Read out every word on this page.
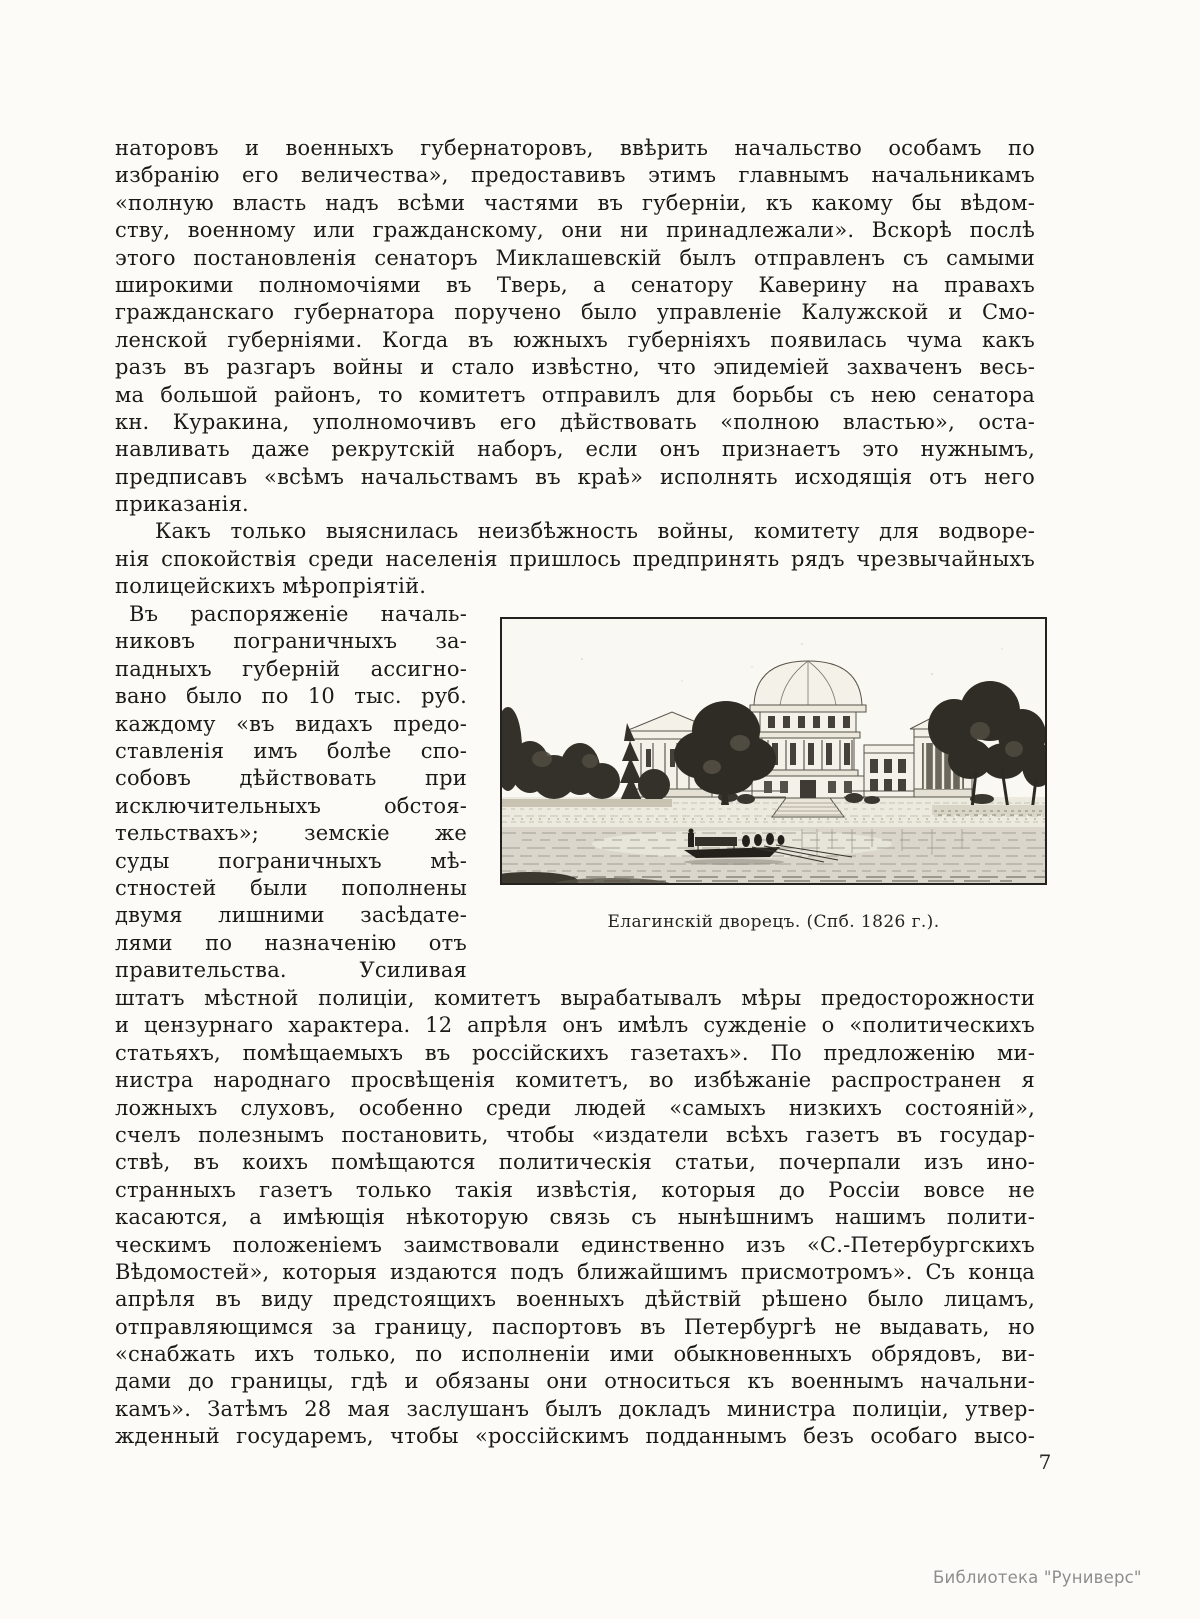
наторовъ и военныхъ губернаторовъ, ввѣрить начальство особамъ по
избранію его величества», предоставивъ этимъ главнымъ начальникамъ
«полную власть надъ всѣми частями въ губерніи, къ какому бы вѣдом-
ству, военному или гражданскому, они ни принадлежали». Вскорѣ послѣ
этого постановленія сенаторъ Миклашевскій былъ отправленъ съ самыми
широкими полномочіями въ Тверь, а сенатору Каверину на правахъ
гражданскаго губернатора поручено было управленіе Калужской и Смо-
ленской губерніями. Когда въ южныхъ губерніяхъ появилась чума какъ
разъ въ разгаръ войны и стало извѣстно, что эпидеміей захваченъ весь-
ма большой районъ, то комитетъ отправилъ для борьбы съ нею сенатора
кн. Куракина, уполномочивъ его дѣйствовать «полною властью», оста-
навливать даже рекрутскій наборъ, если онъ признаетъ это нужнымъ,
предписавъ «всѣмъ начальствамъ въ краѣ» исполнять исходящія отъ него
приказанія.
Какъ только выяснилась неизбѣжность войны, комитету для водворе-
нія спокойствія среди населенія пришлось предпринять рядъ чрезвычайныхъ
полицейскихъ мѣропріятій.
Въ распоряженіе началь-
никовъ пограничныхъ за-
падныхъ губерній ассигно-
вано было по 10 тыс. руб.
каждому «въ видахъ предо-
ставленія имъ болѣе спо-
собовъ дѣйствовать при
исключительныхъ обстоя-
тельствахъ»; земскіе же
суды пограничныхъ мѣ-
стностей были пополнены
двумя лишними засѣдате-
лями по назначенію отъ
правительства. Усиливая
Елагинскій дворецъ. (Спб. 1826 г.).
штатъ мѣстной полиціи, комитетъ вырабатывалъ мѣры предосторожности
и цензурнаго характера. 12 апрѣля онъ имѣлъ сужденіе о «политическихъ
статьяхъ, помѣщаемыхъ въ россійскихъ газетахъ». По предложенію ми-
нистра народнаго просвѣщенія комитетъ, во избѣжаніе распространен я
ложныхъ слуховъ, особенно среди людей «самыхъ низкихъ состояній»,
счелъ полезнымъ постановить, чтобы «издатели всѣхъ газетъ въ государ-
ствѣ, въ коихъ помѣщаются политическія статьи, почерпали изъ ино-
странныхъ газетъ только такія извѣстія, которыя до Россіи вовсе не
касаются, а имѣющія нѣкоторую связь съ нынѣшнимъ нашимъ полити-
ческимъ положеніемъ заимствовали единственно изъ «С.-Петербургскихъ
Вѣдомостей», которыя издаются подъ ближайшимъ присмотромъ». Съ конца
апрѣля въ виду предстоящихъ военныхъ дѣйствій рѣшено было лицамъ,
отправляющимся за границу, паспортовъ въ Петербургѣ не выдавать, но
«снабжать ихъ только, по исполненіи ими обыкновенныхъ обрядовъ, ви-
дами до границы, гдѣ и обязаны они относиться къ военнымъ начальни-
камъ». Затѣмъ 28 мая заслушанъ былъ докладъ министра полиціи, утвер-
жденный государемъ, чтобы «россійскимъ подданнымъ безъ особаго высо-
7
Библиотека "Руниверс"
